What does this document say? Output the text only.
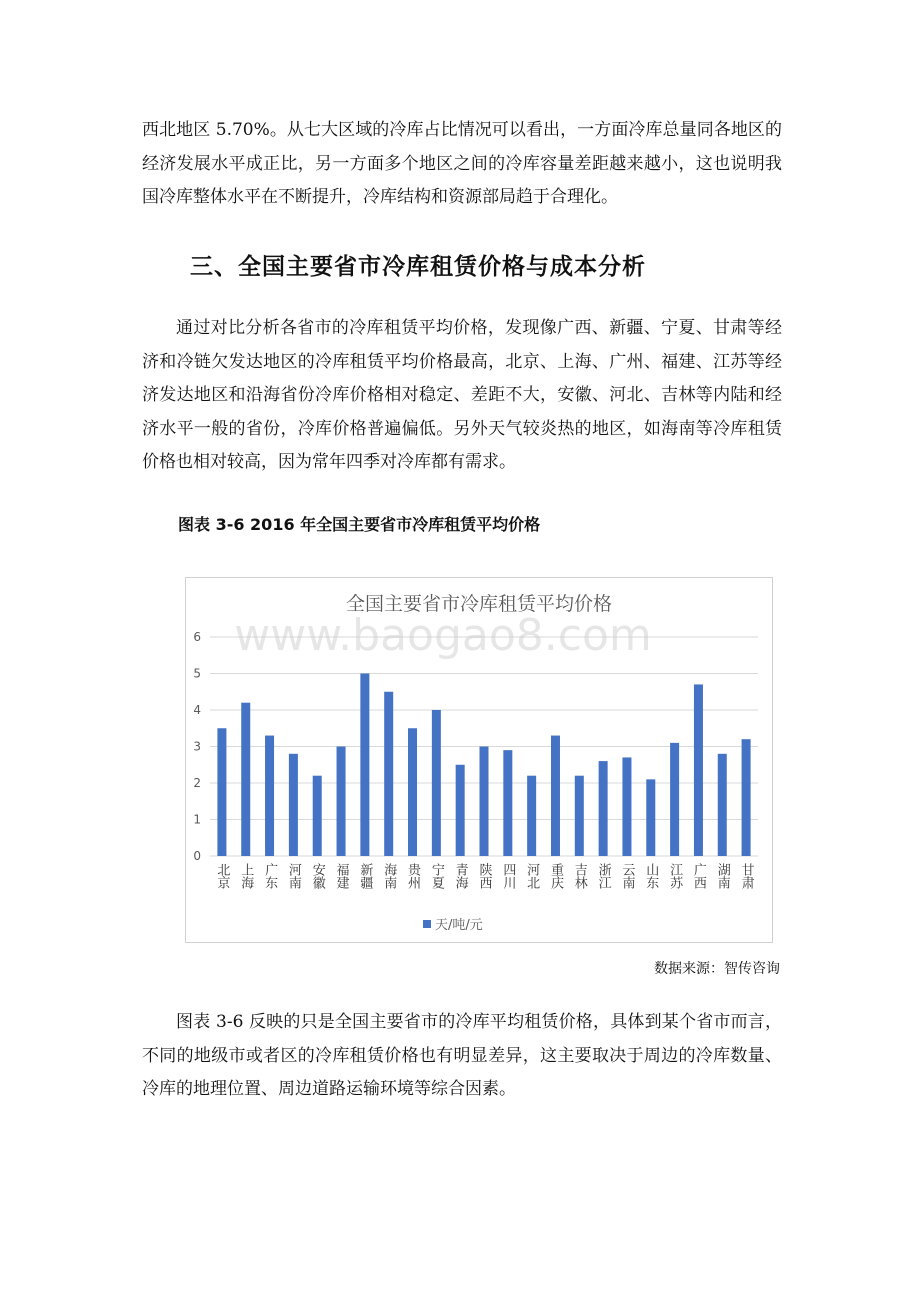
西北地区 5.70%。从七大区域的冷库占比情况可以看出，一方面冷库总量同各地区的经济发展水平成正比，另一方面多个地区之间的冷库容量差距越来越小，这也说明我国冷库整体水平在不断提升，冷库结构和资源部局趋于合理化。

三、全国主要省市冷库租赁价格与成本分析

通过对比分析各省市的冷库租赁平均价格，发现像广西、新疆、宁夏、甘肃等经济和冷链欠发达地区的冷库租赁平均价格最高，北京、上海、广州、福建、江苏等经济发达地区和沿海省份冷库价格相对稳定、差距不大，安徽、河北、吉林等内陆和经济水平一般的省份，冷库价格普遍偏低。另外天气较炎热的地区，如海南等冷库租赁价格也相对较高，因为常年四季对冷库都有需求。

图表 3-6 2016 年全国主要省市冷库租赁平均价格

全国主要省市冷库租赁平均价格
0
1
2
3
4
5
6
北京 上海 广东 河南 安徽 福建 新疆 海南 贵州 宁夏 青海 陕西 四川 河北 重庆 吉林 浙江 云南 山东 江苏 广西 湖南 甘肃
www.baogao8.com
天/吨/元

数据来源：智传咨询

图表 3-6 反映的只是全国主要省市的冷库平均租赁价格，具体到某个省市而言，不同的地级市或者区的冷库租赁价格也有明显差异，这主要取决于周边的冷库数量、冷库的地理位置、周边道路运输环境等综合因素。
